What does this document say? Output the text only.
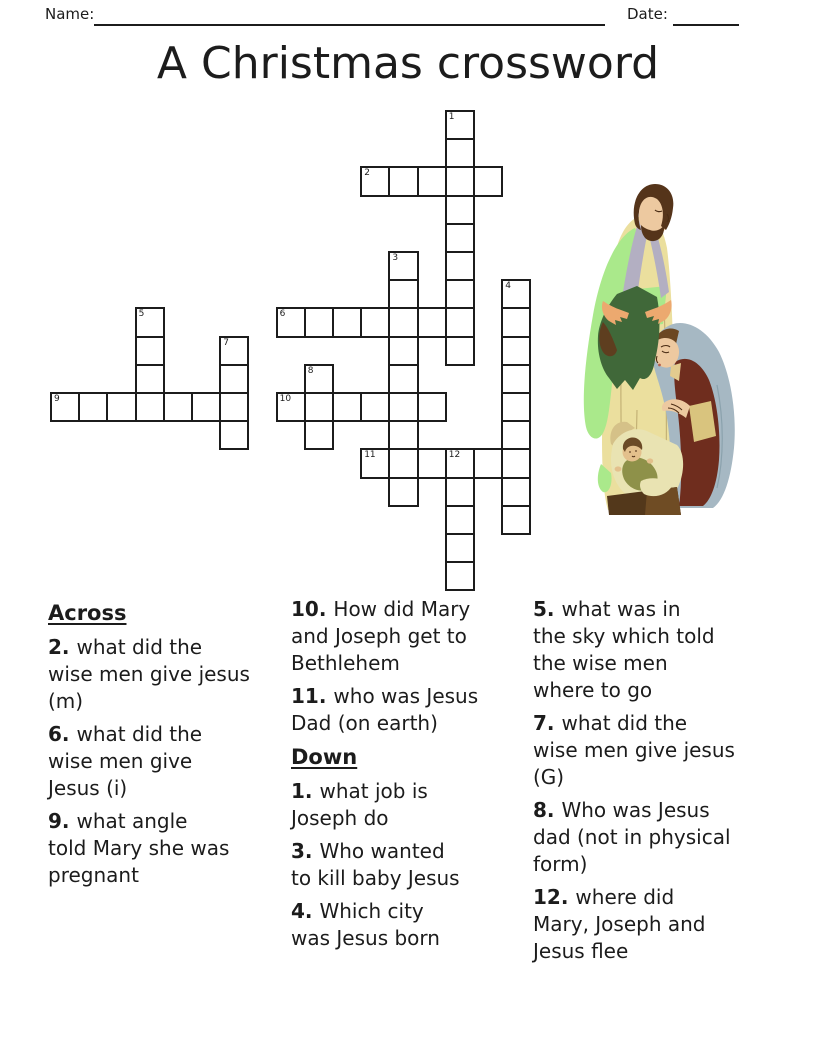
Name:	Date:
A Christmas crossword
1
2
3
4
5	6
7
8
9	10
11	12
Across
2. what did the
wise men give jesus
(m)
6. what did the
wise men give
Jesus (i)
9. what angle
told Mary she was
pregnant
10. How did Mary
and Joseph get to
Bethlehem
11. who was Jesus
Dad (on earth)
Down
1. what job is
Joseph do
3. Who wanted
to kill baby Jesus
4. Which city
was Jesus born
5. what was in
the sky which told
the wise men
where to go
7. what did the
wise men give jesus
(G)
8. Who was Jesus
dad (not in physical
form)
12. where did
Mary, Joseph and
Jesus flee
